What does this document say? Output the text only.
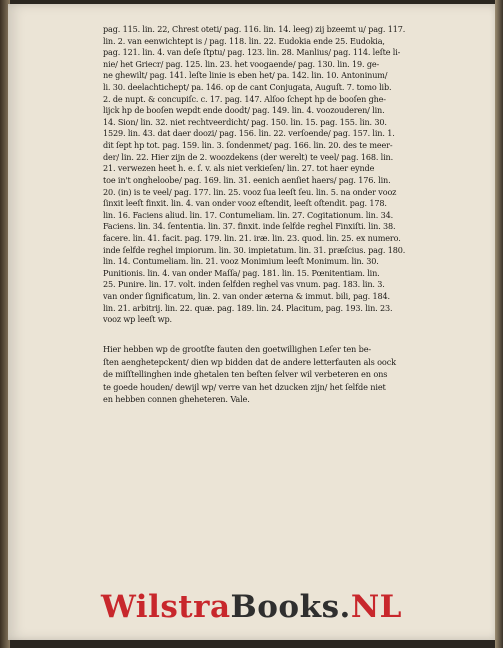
pag. 115. lin. 22, Chrest oteti/ pag. 116. lin. 14. leeg) zij bzeemt u/ pag. 117.
lin. 2. van eenwichtept is / pag. 118. lin. 22. Eudokia ende 25. Eudokia,
pag. 121. lin. 4. van deſe ſtptu/ pag. 123. lin. 28. Manlius/ pag. 114. leſte li-
nie/ het Griecr/ pag. 125. lin. 23. het voogaende/ pag. 130. lin. 19. ge-
ne ghewilt/ pag. 141. leſte linie is eben het/ pa. 142. lin. 10. Antoninum/
li. 30. deelachtichept/ pa. 146. op de cant Conjugata, Auguſt. 7. tomo lib.
2. de nupt. & concupiſc. c. 17. pag. 147. Alſoo ſchept hp de booſen ghe-
lijck hp de booſen wepdt ende doodt/ pag. 149. lin. 4. voozouderen/ lin.
14. Sion/ lin. 32. niet rechtveerdicht/ pag. 150. lin. 15. pag. 155. lin. 30.
1529. lin. 43. dat daer doozi/ pag. 156. lin. 22. verſoende/ pag. 157. lin. 1.
dit ſept hp tot. pag. 159. lin. 3. ſondenmet/ pag. 166. lin. 20. des te meer-
der/ lin. 22. Hier zijn de 2. woozdekens (der werelt) te veel/ pag. 168. lin.
21. verwezen heet h. e. ſ. v. als niet verkieſen/ lin. 27. tot haer eynde
toe in't ongheloobe/ pag. 169. lin. 31. eenich aenſiet haers/ pag. 176. lin.
20. (in) is te veel/ pag. 177. lin. 25. vooz ſua leeſt ſeu. lin. 5. na onder vooz
ſinxit leeſt finxit. lin. 4. van onder vooz eſtendit, leeſt oſtendit. pag. 178.
lin. 16. Faciens aliud. lin. 17. Contumeliam. lin. 27. Cogitationum. lin. 34.
Faciens. lin. 34. ſententia. lin. 37. finxit. inde ſelfde reghel Finxiſti. lin. 38.
facere. lin. 41. facit. pag. 179. lin. 21. iræ. lin. 23. quod. lin. 25. ex numero.
inde ſelfde reghel impiorum. lin. 30. impietatum. lin. 31. præſcius. pag. 180.
lin. 14. Contumeliam. lin. 21. vooz Monimium leeſt Monimum. lin. 30.
Punitionis. lin. 4. van onder Maſſa/ pag. 181. lin. 15. Pœnitentiam. lin.
25. Punire. lin. 17. volt. inden ſelfden reghel vas vnum. pag. 183. lin. 3.
van onder ſignificatum, lin. 2. van onder æterna & immut. bili, pag. 184.
lin. 21. arbitrij. lin. 22. quæ. pag. 189. lin. 24. Placitum, pag. 193. lin. 23.
vooz wp leeſt wp.
Hier hebben wp de grootſte fauten den goetwillighen Leſer ten be-
ſten aenghetepckent/ dien wp bidden dat de andere letterfauten als oock
de miſſtellinghen inde ghetalen ten beſten ſelver wil verbeteren en ons
te goede houden/ dewijl wp/ verre van het dzucken zijn/ het ſelfde niet
en hebben connen gheheteren. Vale.
WilstraBooks.NL
